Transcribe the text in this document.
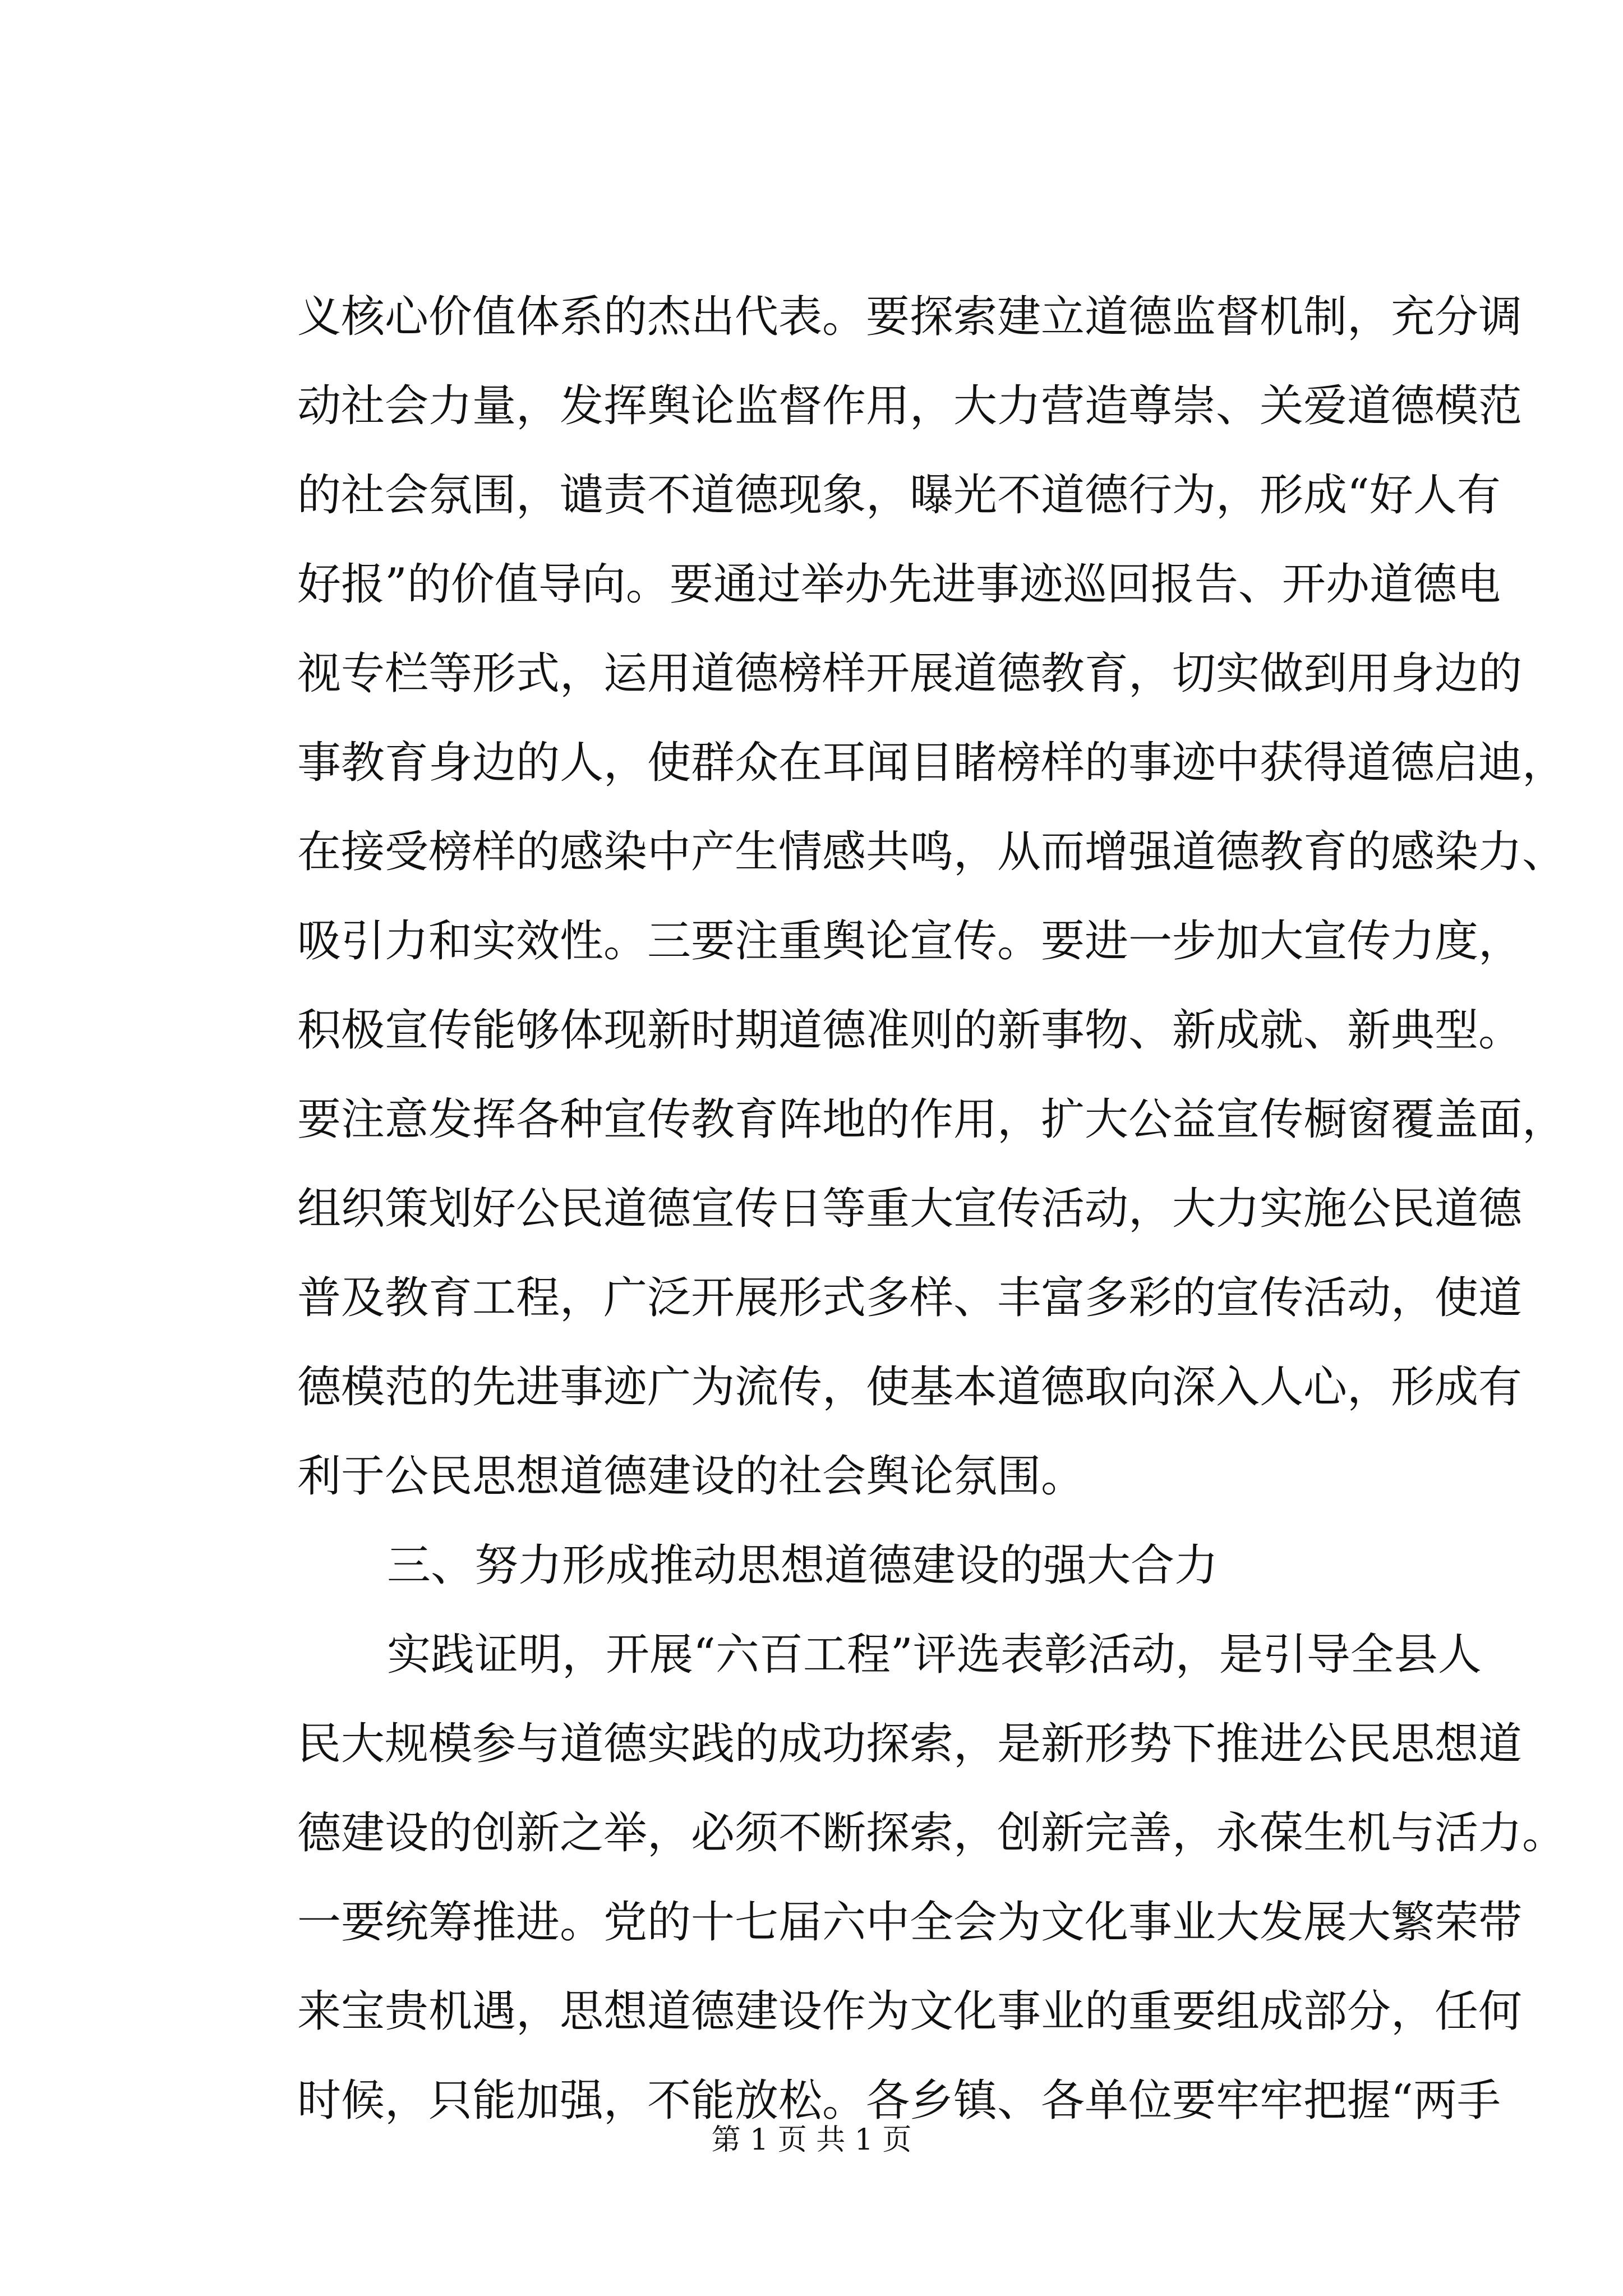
义核心价值体系的杰出代表。要探索建立道德监督机制，充分调
动社会力量，发挥舆论监督作用，大力营造尊崇、关爱道德模范
的社会氛围，谴责不道德现象，曝光不道德行为，形成“好人有
好报”的价值导向。要通过举办先进事迹巡回报告、开办道德电
视专栏等形式，运用道德榜样开展道德教育，切实做到用身边的
事教育身边的人，使群众在耳闻目睹榜样的事迹中获得道德启迪，
在接受榜样的感染中产生情感共鸣，从而增强道德教育的感染力、
吸引力和实效性。三要注重舆论宣传。要进一步加大宣传力度，
积极宣传能够体现新时期道德准则的新事物、新成就、新典型。
要注意发挥各种宣传教育阵地的作用，扩大公益宣传橱窗覆盖面，
组织策划好公民道德宣传日等重大宣传活动，大力实施公民道德
普及教育工程，广泛开展形式多样、丰富多彩的宣传活动，使道
德模范的先进事迹广为流传，使基本道德取向深入人心，形成有
利于公民思想道德建设的社会舆论氛围。
三、努力形成推动思想道德建设的强大合力
实践证明，开展“六百工程”评选表彰活动，是引导全县人
民大规模参与道德实践的成功探索，是新形势下推进公民思想道
德建设的创新之举，必须不断探索，创新完善，永葆生机与活力。
一要统筹推进。党的十七届六中全会为文化事业大发展大繁荣带
来宝贵机遇，思想道德建设作为文化事业的重要组成部分，任何
时候，只能加强，不能放松。各乡镇、各单位要牢牢把握“两手
第 1 页 共 1 页
